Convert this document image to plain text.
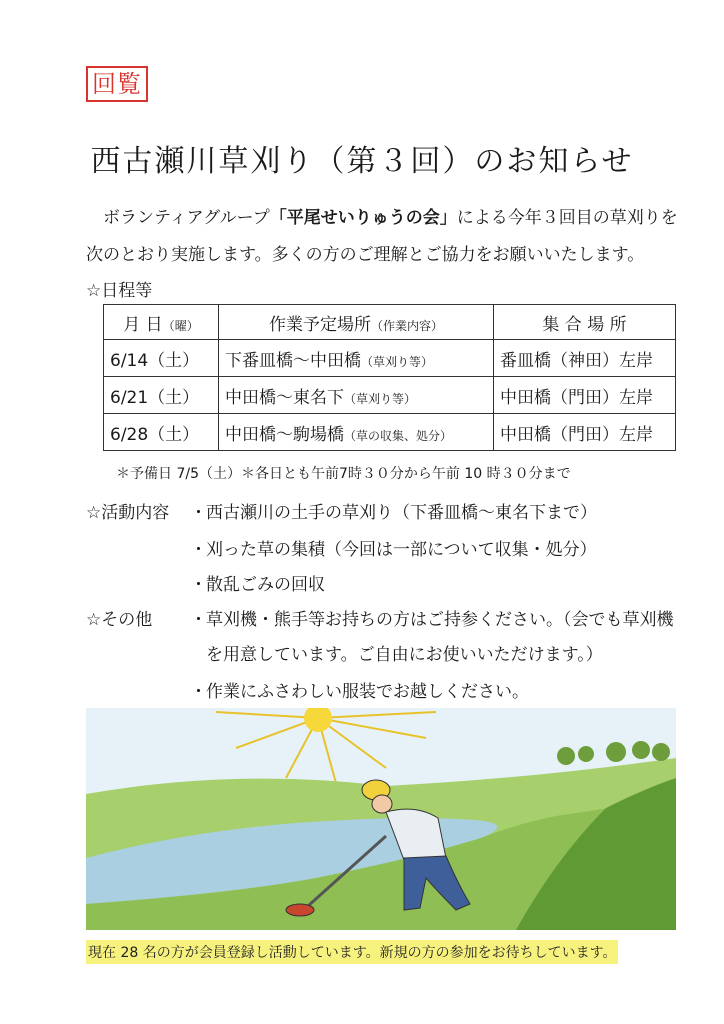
回覧
西古瀬川草刈り（第３回）のお知らせ
ボランティアグループ「平尾せいりゅうの会」による今年３回目の草刈りを
次のとおり実施します。多くの方のご理解とご協力をお願いいたします。
☆日程等
月 日（曜）	作業予定場所（作業内容）	集 合 場 所
6/14（土）	下番皿橋～中田橋（草刈り等）	番皿橋（神田）左岸
6/21（土）	中田橋～東名下（草刈り等）	中田橋（門田）左岸
6/28（土）	中田橋～駒場橋（草の収集、処分）	中田橋（門田）左岸
＊予備日 7/5（土）＊各日とも午前7時３０分から午前 10 時３０分まで
☆活動内容 ・西古瀬川の土手の草刈り（下番皿橋～東名下まで）
・刈った草の集積（今回は一部について収集・処分）
・散乱ごみの回収
☆その他 ・草刈機・熊手等お持ちの方はご持参ください。（会でも草刈機
を用意しています。ご自由にお使いいただけます。）
・作業にふさわしい服装でお越しください。
現在 28 名の方が会員登録し活動しています。新規の方の参加をお待ちしています。
